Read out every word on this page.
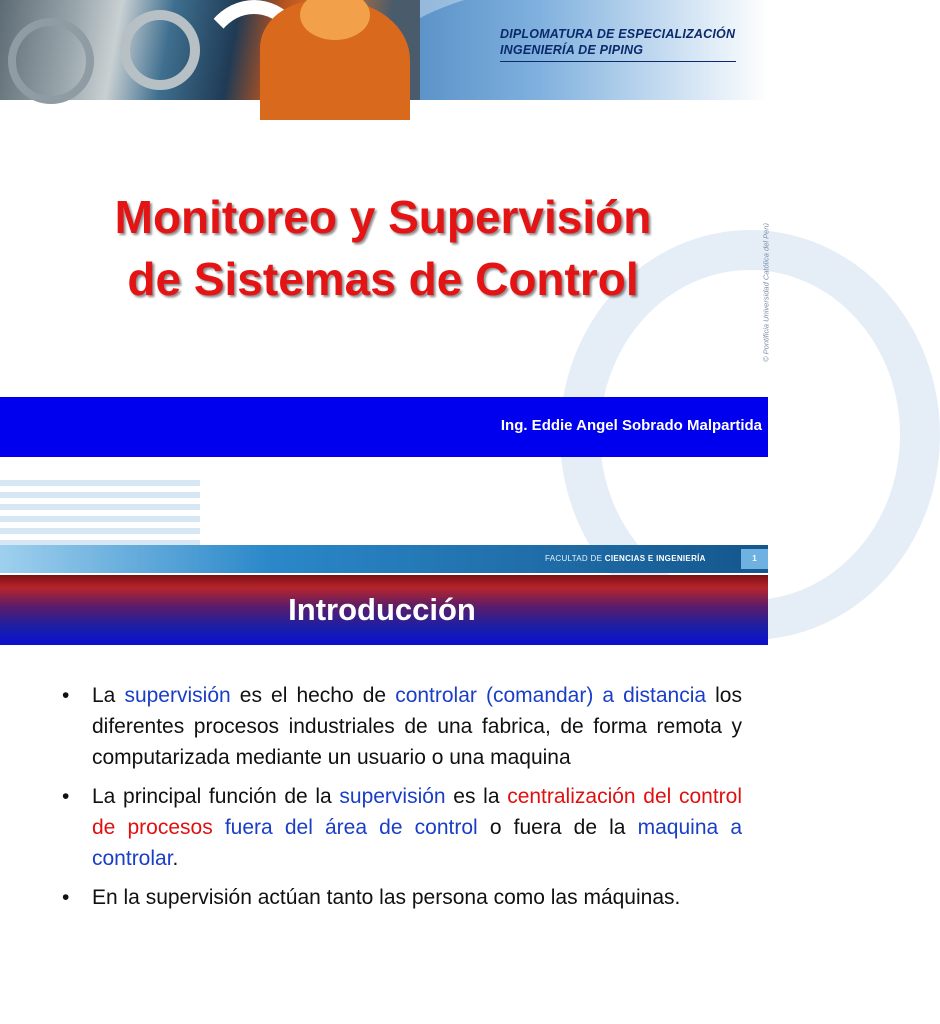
DIPLOMATURA DE ESPECIALIZACIÓN
INGENIERÍA DE PIPING
Monitoreo y Supervisión
de Sistemas de Control	© Pontificia Universidad Católica del Perú
Ing. Eddie Angel Sobrado Malpartida
FACULTAD DE CIENCIAS E INGENIERÍA	1
Introducción
• La supervisión es el hecho de controlar (comandar) a distancia los diferentes procesos industriales de una fabrica, de forma remota y computarizada mediante un usuario o una maquina
• La principal función de la supervisión es la centralización del control de procesos fuera del área de control o fuera de la maquina a controlar.
• En la supervisión actúan tanto las persona como las máquinas.
